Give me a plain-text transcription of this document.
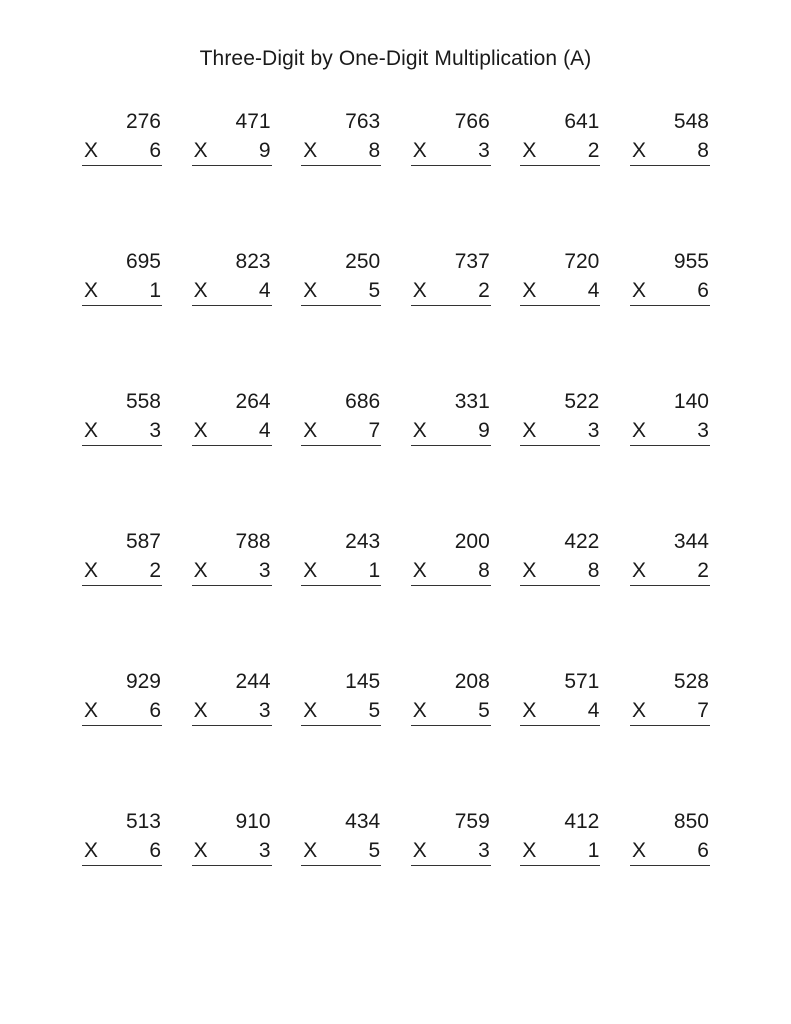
Three-Digit by One-Digit Multiplication (A)
276
X 6
471
X 9
763
X 8
766
X 3
641
X 2
548
X 8
695
X 1
823
X 4
250
X 5
737
X 2
720
X 4
955
X 6
558
X 3
264
X 4
686
X 7
331
X 9
522
X 3
140
X 3
587
X 2
788
X 3
243
X 1
200
X 8
422
X 8
344
X 2
929
X 6
244
X 3
145
X 5
208
X 5
571
X 4
528
X 7
513
X 6
910
X 3
434
X 5
759
X 3
412
X 1
850
X 6
